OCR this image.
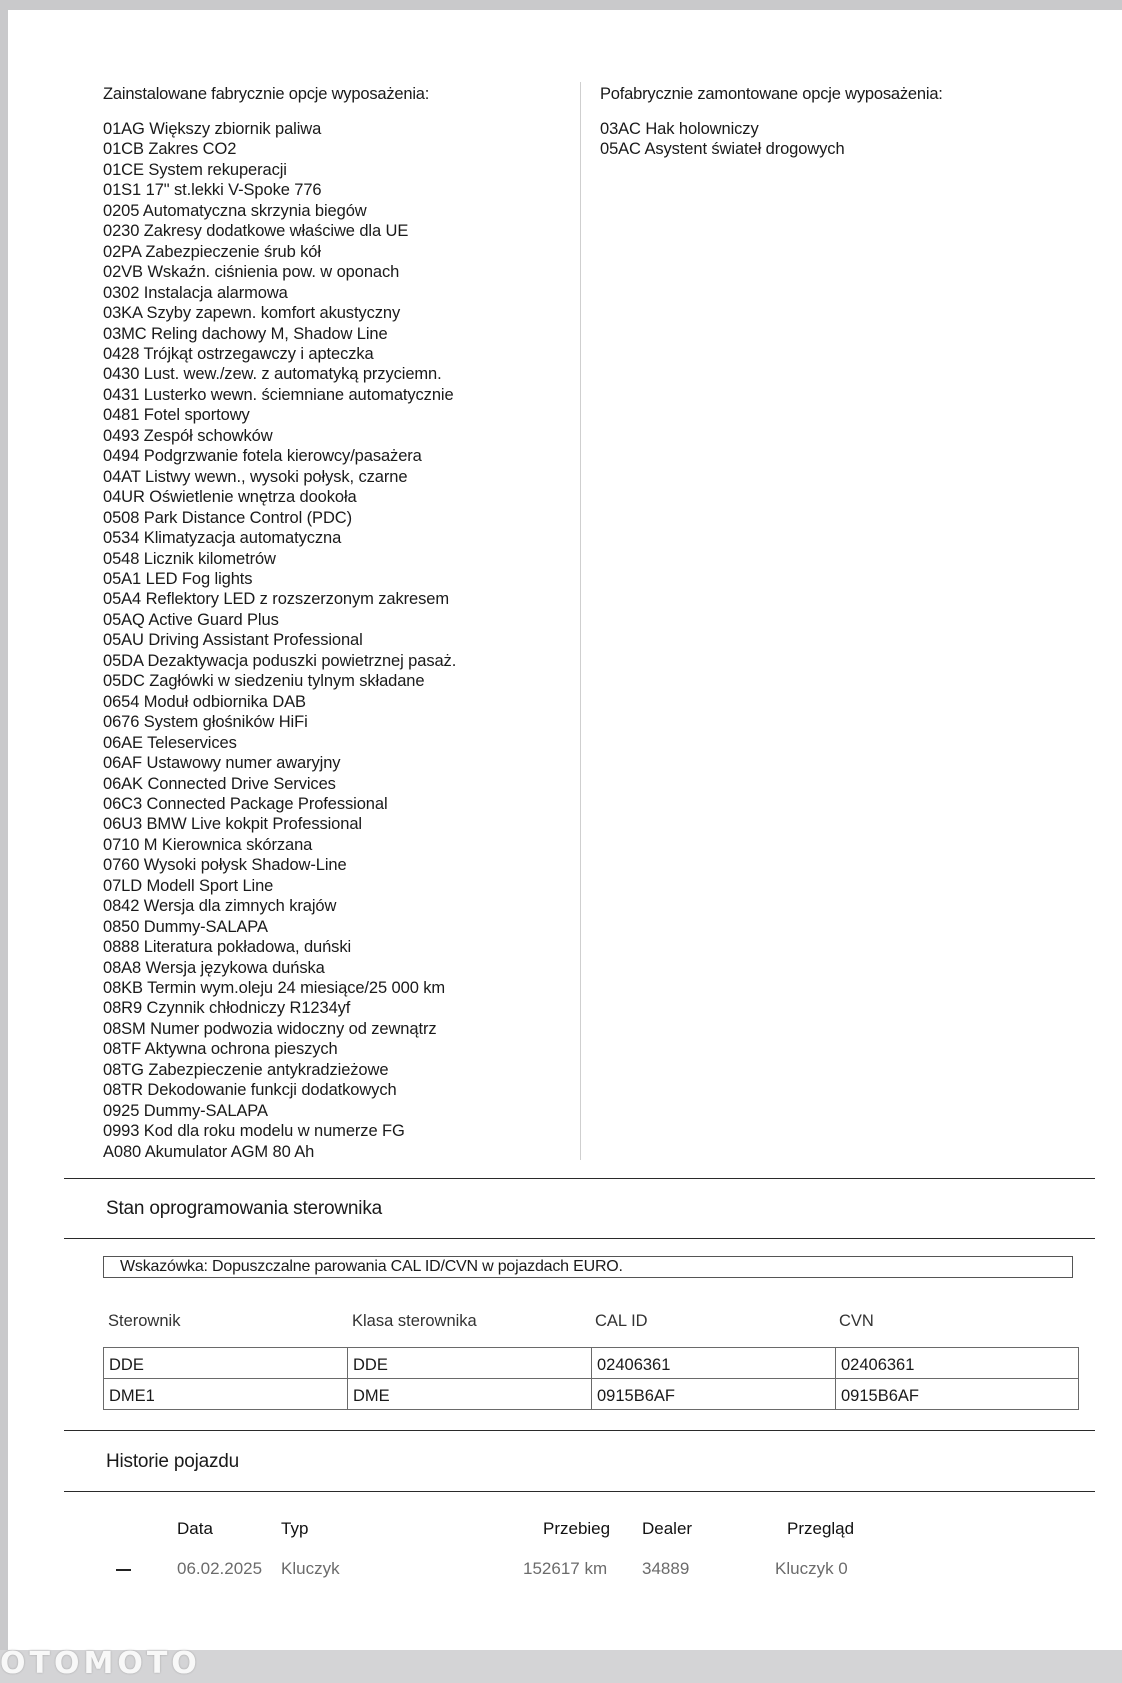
Zainstalowane fabrycznie opcje wyposażenia:
01AG Większy zbiornik paliwa
01CB Zakres CO2
01CE System rekuperacji
01S1 17" st.lekki V-Spoke 776
0205 Automatyczna skrzynia biegów
0230 Zakresy dodatkowe właściwe dla UE
02PA Zabezpieczenie śrub kół
02VB Wskaźn. ciśnienia pow. w oponach
0302 Instalacja alarmowa
03KA Szyby zapewn. komfort akustyczny
03MC Reling dachowy M, Shadow Line
0428 Trójkąt ostrzegawczy i apteczka
0430 Lust. wew./zew. z automatyką przyciemn.
0431 Lusterko wewn. ściemniane automatycznie
0481 Fotel sportowy
0493 Zespół schowków
0494 Podgrzwanie fotela kierowcy/pasażera
04AT Listwy wewn., wysoki połysk, czarne
04UR Oświetlenie wnętrza dookoła
0508 Park Distance Control (PDC)
0534 Klimatyzacja automatyczna
0548 Licznik kilometrów
05A1 LED Fog lights
05A4 Reflektory LED z rozszerzonym zakresem
05AQ Active Guard Plus
05AU Driving Assistant Professional
05DA Dezaktywacja poduszki powietrznej pasaż.
05DC Zagłówki w siedzeniu tylnym składane
0654 Moduł odbiornika DAB
0676 System głośników HiFi
06AE Teleservices
06AF Ustawowy numer awaryjny
06AK Connected Drive Services
06C3 Connected Package Professional
06U3 BMW Live kokpit Professional
0710 M Kierownica skórzana
0760 Wysoki połysk Shadow-Line
07LD Modell Sport Line
0842 Wersja dla zimnych krajów
0850 Dummy-SALAPA
0888 Literatura pokładowa, duński
08A8 Wersja językowa duńska
08KB Termin wym.oleju 24 miesiące/25 000 km
08R9 Czynnik chłodniczy R1234yf
08SM Numer podwozia widoczny od zewnątrz
08TF Aktywna ochrona pieszych
08TG Zabezpieczenie antykradzieżowe
08TR Dekodowanie funkcji dodatkowych
0925 Dummy-SALAPA
0993 Kod dla roku modelu w numerze FG
A080 Akumulator AGM 80 Ah
Pofabrycznie zamontowane opcje wyposażenia:
03AC Hak holowniczy
05AC Asystent świateł drogowych
Stan oprogramowania sterownika
Wskazówka: Dopuszczalne parowania CAL ID/CVN w pojazdach EURO.
Sterownik	Klasa sterownika	CAL ID	CVN
DDE	DDE	02406361	02406361
DME1	DME	0915B6AF	0915B6AF
Historie pojazdu
Data	Typ	Przebieg Dealer	Przegląd
06.02.2025 Kluczyk	152617 km 34889	Kluczyk 0
OTOMOTO
